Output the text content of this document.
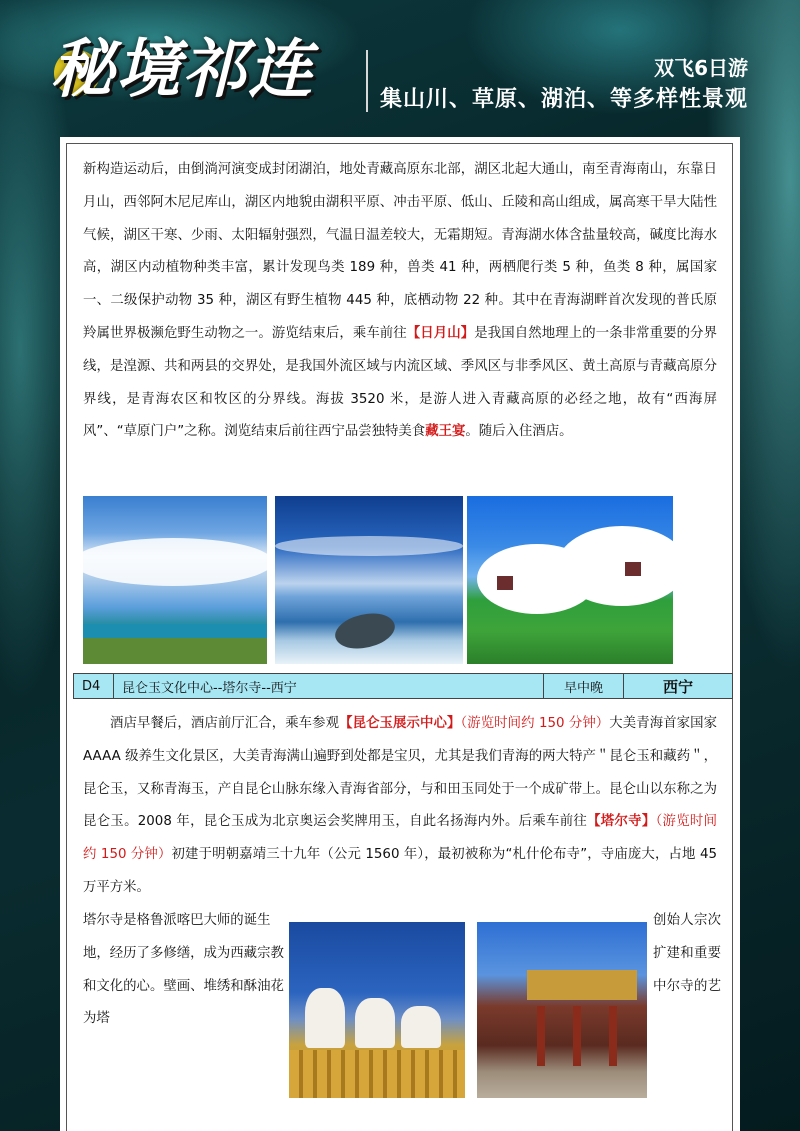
秘境祁连	双飞6日游
集山川、草原、湖泊、等多样性景观

新构造运动后，由倒淌河演变成封闭湖泊，地处青藏高原东北部，湖区北起大通山，南至青海南山，东靠日月山，西邻阿木尼尼库山，湖区内地貌由湖积平原、冲击平原、低山、丘陵和高山组成，属高寒干旱大陆性气候，湖区干寒、少雨、太阳辐射强烈，气温日温差较大，无霜期短。青海湖水体含盐量较高，碱度比海水高，湖区内动植物种类丰富，累计发现鸟类 189 种，兽类 41 种，两栖爬行类 5 种，鱼类 8 种，属国家一、二级保护动物 35 种，湖区有野生植物 445 种，底栖动物 22 种。其中在青海湖畔首次发现的普氏原羚属世界极濒危野生动物之一。游览结束后，乘车前往【日月山】是我国自然地理上的一条非常重要的分界线，是湟源、共和两县的交界处，是我国外流区域与内流区域、季风区与非季风区、黄土高原与青藏高原分界线，是青海农区和牧区的分界线。海拔 3520 米，是游人进入青藏高原的必经之地，故有“西海屏风”、“草原门户”之称。浏览结束后前往西宁品尝独特美食藏王宴。随后入住酒店。

D4	昆仑玉文化中心--塔尔寺--西宁	早中晚	西宁

酒店早餐后，酒店前厅汇合，乘车参观【昆仑玉展示中心】（游览时间约 150 分钟）大美青海首家国家 AAAA 级养生文化景区，大美青海满山遍野到处都是宝贝，尤其是我们青海的两大特产＂昆仑玉和藏药＂，昆仑玉，又称青海玉，产自昆仑山脉东缘入青海省部分，与和田玉同处于一个成矿带上。昆仑山以东称之为昆仑玉。2008 年，昆仑玉成为北京奥运会奖牌用玉，自此名扬海内外。后乘车前往【塔尔寺】（游览时间约 150 分钟）初建于明朝嘉靖三十九年（公元 1560 年），最初被称为“札什伦布寺”，寺庙庞大，占地 45 万平方米。

塔尔寺是格鲁派喀巴大师的诞生地，经历了多修缮，成为西藏宗教和文化的心。壁画、堆绣和酥油花为塔

创始人宗次扩建和重要中尔寺的艺
